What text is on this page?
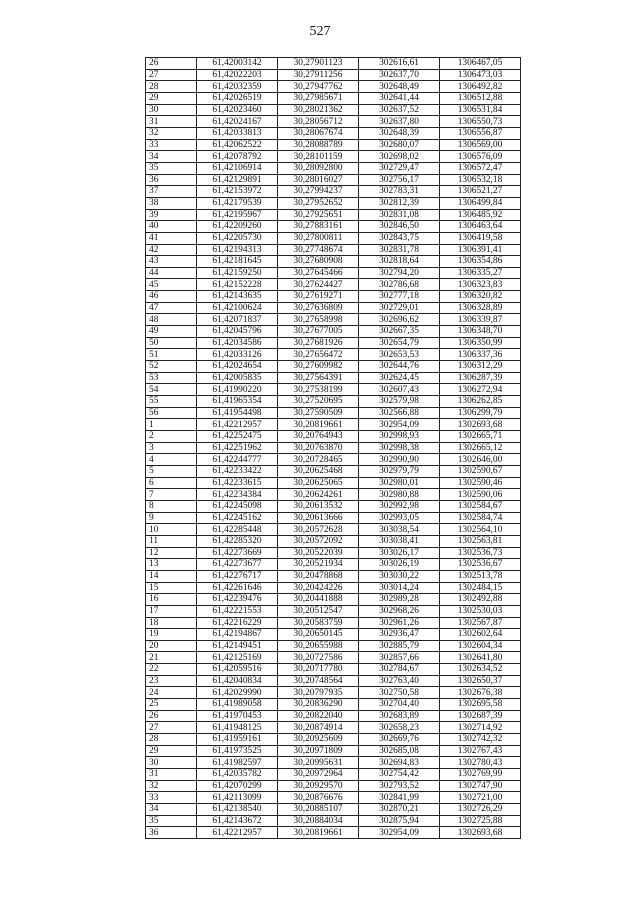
527
26	61,42003142	30,27901123	302616,61	1306467,05
27	61,42022203	30,27911256	302637,70	1306473,03
28	61,42032359	30,27947762	302648,49	1306492,82
29	61,42026519	30,27985671	302641,44	1306512,88
30	61,42023460	30,28021362	302637,52	1306531,84
31	61,42024167	30,28056712	302637,80	1306550,73
32	61,42033813	30,28067674	302648,39	1306556,87
33	61,42062522	30,28088789	302680,07	1306569,00
34	61,42078792	30,28101159	302698,02	1306576,09
35	61,42106914	30,28092800	302729,47	1306572,47
36	61,42129891	30,28016027	302756,17	1306532,18
37	61,42153972	30,27994237	302783,31	1306521,27
38	61,42179539	30,27952652	302812,39	1306499,84
39	61,42195967	30,27925651	302831,08	1306485,92
40	61,42209260	30,27883161	302846,50	1306463,64
41	61,42205730	30,27800811	302843,75	1306419,58
42	61,42194313	30,27748674	302831,78	1306391,41
43	61,42181645	30,27680908	302818,64	1306354,86
44	61,42159250	30,27645466	302794,20	1306335,27
45	61,42152228	30,27624427	302786,68	1306323,83
46	61,42143635	30,27619271	302777,18	1306320,82
47	61,42100624	30,27636809	302729,01	1306328,89
48	61,42071837	30,27658998	302696,62	1306339,87
49	61,42045796	30,27677005	302667,35	1306348,70
50	61,42034586	30,27681926	302654,79	1306350,99
51	61,42033126	30,27656472	302653,53	1306337,36
52	61,42024654	30,27609982	302644,76	1306312,29
53	61,42005835	30,27564391	302624,45	1306287,39
54	61,41990220	30,27538199	302607,43	1306272,94
55	61,41965354	30,27520695	302579,98	1306262,85
56	61,41954498	30,27590509	302566,88	1306299,79
1	61,42212957	30,20819661	302954,09	1302693,68
2	61,42252475	30,20764943	302998,93	1302665,71
3	61,42251962	30,20763870	302998,38	1302665,12
4	61,42244777	30,20728465	302990,90	1302646,00
5	61,42233422	30,20625468	302979,79	1302590,67
6	61,42233615	30,20625065	302980,01	1302590,46
7	61,42234384	30,20624261	302980,88	1302590,06
8	61,42245098	30,20613532	302992,98	1302584,67
9	61,42245162	30,20613666	302993,05	1302584,74
10	61,42285448	30,20572628	303038,54	1302564,10
11	61,42285320	30,20572092	303038,41	1302563,81
12	61,42273669	30,20522039	303026,17	1302536,73
13	61,42273677	30,20521934	303026,19	1302536,67
14	61,42276717	30,20478868	303030,22	1302513,78
15	61,42261646	30,20424226	303014,24	1302484,15
16	61,42239476	30,20441888	302989,28	1302492,88
17	61,42221553	30,20512547	302968,26	1302530,03
18	61,42216229	30,20583759	302961,26	1302567,87
19	61,42194867	30,20650145	302936,47	1302602,64
20	61,42149451	30,20655988	302885,79	1302604,34
21	61,42125169	30,20727586	302857,66	1302641,80
22	61,42059516	30,20717780	302784,67	1302634,52
23	61,42040834	30,20748564	302763,40	1302650,37
24	61,42029990	30,20797935	302750,58	1302676,38
25	61,41989058	30,20836290	302704,40	1302695,58
26	61,41970453	30,20822040	302683,89	1302687,39
27	61,41948125	30,20874914	302658,23	1302714,92
28	61,41959161	30,20925609	302669,76	1302742,32
29	61,41973525	30,20971809	302685,08	1302767,43
30	61,41982597	30,20995631	302694,83	1302780,43
31	61,42035782	30,20972964	302754,42	1302769,99
32	61,42070299	30,20929570	302793,52	1302747,90
33	61,42113099	30,20876676	302841,99	1302721,00
34	61,42138540	30,20885107	302870,21	1302726,29
35	61,42143672	30,20884034	302875,94	1302725,88
36	61,42212957	30,20819661	302954,09	1302693,68
